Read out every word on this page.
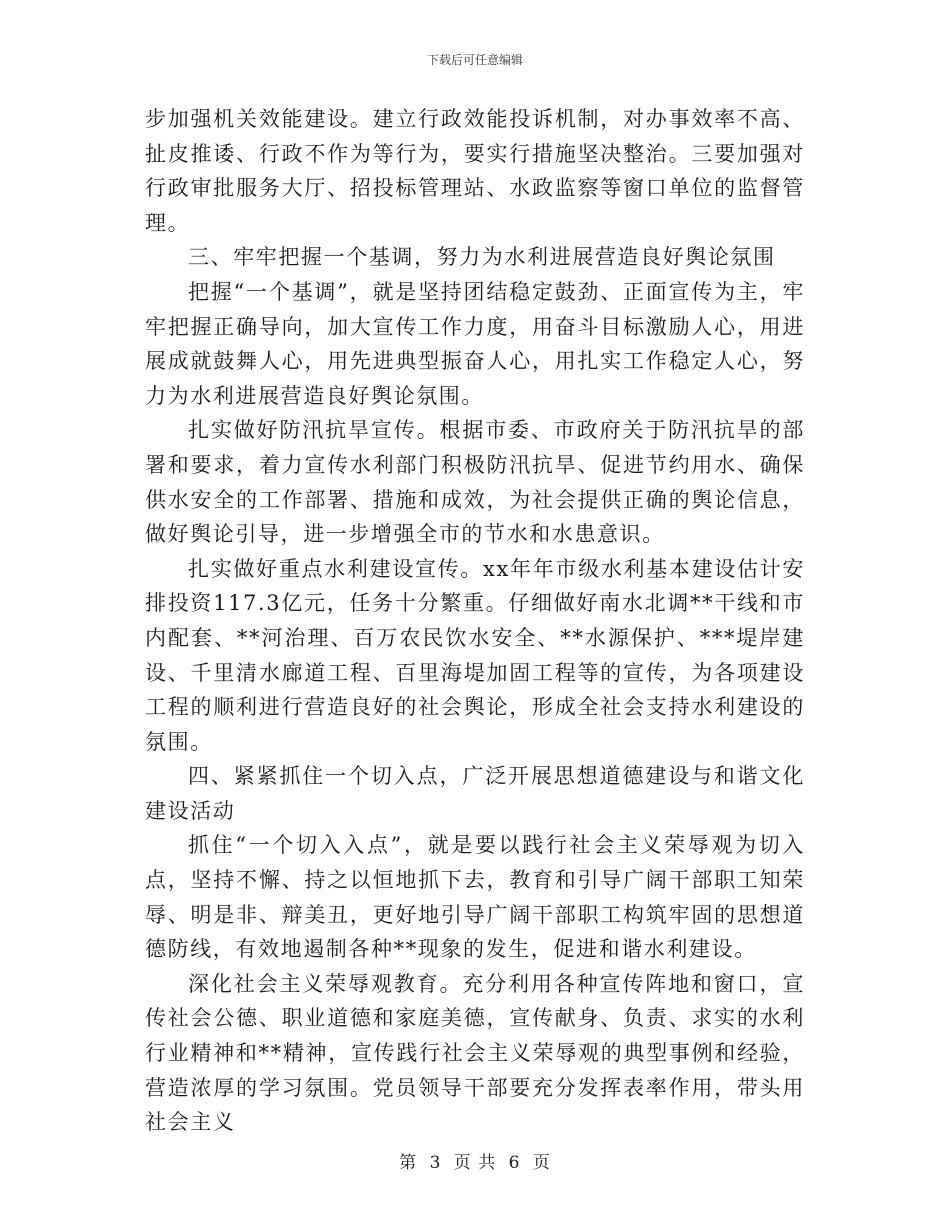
下载后可任意编辑

步加强机关效能建设。建立行政效能投诉机制，对办事效率不高、扯皮推诿、行政不作为等行为，要实行措施坚决整治。三要加强对行政审批服务大厅、招投标管理站、水政监察等窗口单位的监督管理。

三、牢牢把握一个基调，努力为水利进展营造良好舆论氛围

把握“一个基调”，就是坚持团结稳定鼓劲、正面宣传为主，牢牢把握正确导向，加大宣传工作力度，用奋斗目标激励人心，用进展成就鼓舞人心，用先进典型振奋人心，用扎实工作稳定人心，努力为水利进展营造良好舆论氛围。

扎实做好防汛抗旱宣传。根据市委、市政府关于防汛抗旱的部署和要求，着力宣传水利部门积极防汛抗旱、促进节约用水、确保供水安全的工作部署、措施和成效，为社会提供正确的舆论信息，做好舆论引导，进一步增强全市的节水和水患意识。

扎实做好重点水利建设宣传。xx年年市级水利基本建设估计安排投资117.3亿元，任务十分繁重。仔细做好南水北调**干线和市内配套、**河治理、百万农民饮水安全、**水源保护、***堤岸建设、千里清水廊道工程、百里海堤加固工程等的宣传，为各项建设工程的顺利进行营造良好的社会舆论，形成全社会支持水利建设的氛围。

四、紧紧抓住一个切入点，广泛开展思想道德建设与和谐文化建设活动

抓住“一个切入入点”，就是要以践行社会主义荣辱观为切入点，坚持不懈、持之以恒地抓下去，教育和引导广阔干部职工知荣辱、明是非、辩美丑，更好地引导广阔干部职工构筑牢固的思想道德防线，有效地遏制各种**现象的发生，促进和谐水利建设。

深化社会主义荣辱观教育。充分利用各种宣传阵地和窗口，宣传社会公德、职业道德和家庭美德，宣传献身、负责、求实的水利行业精神和**精神，宣传践行社会主义荣辱观的典型事例和经验，营造浓厚的学习氛围。党员领导干部要充分发挥表率作用，带头用社会主义

第 3 页 共 6 页
